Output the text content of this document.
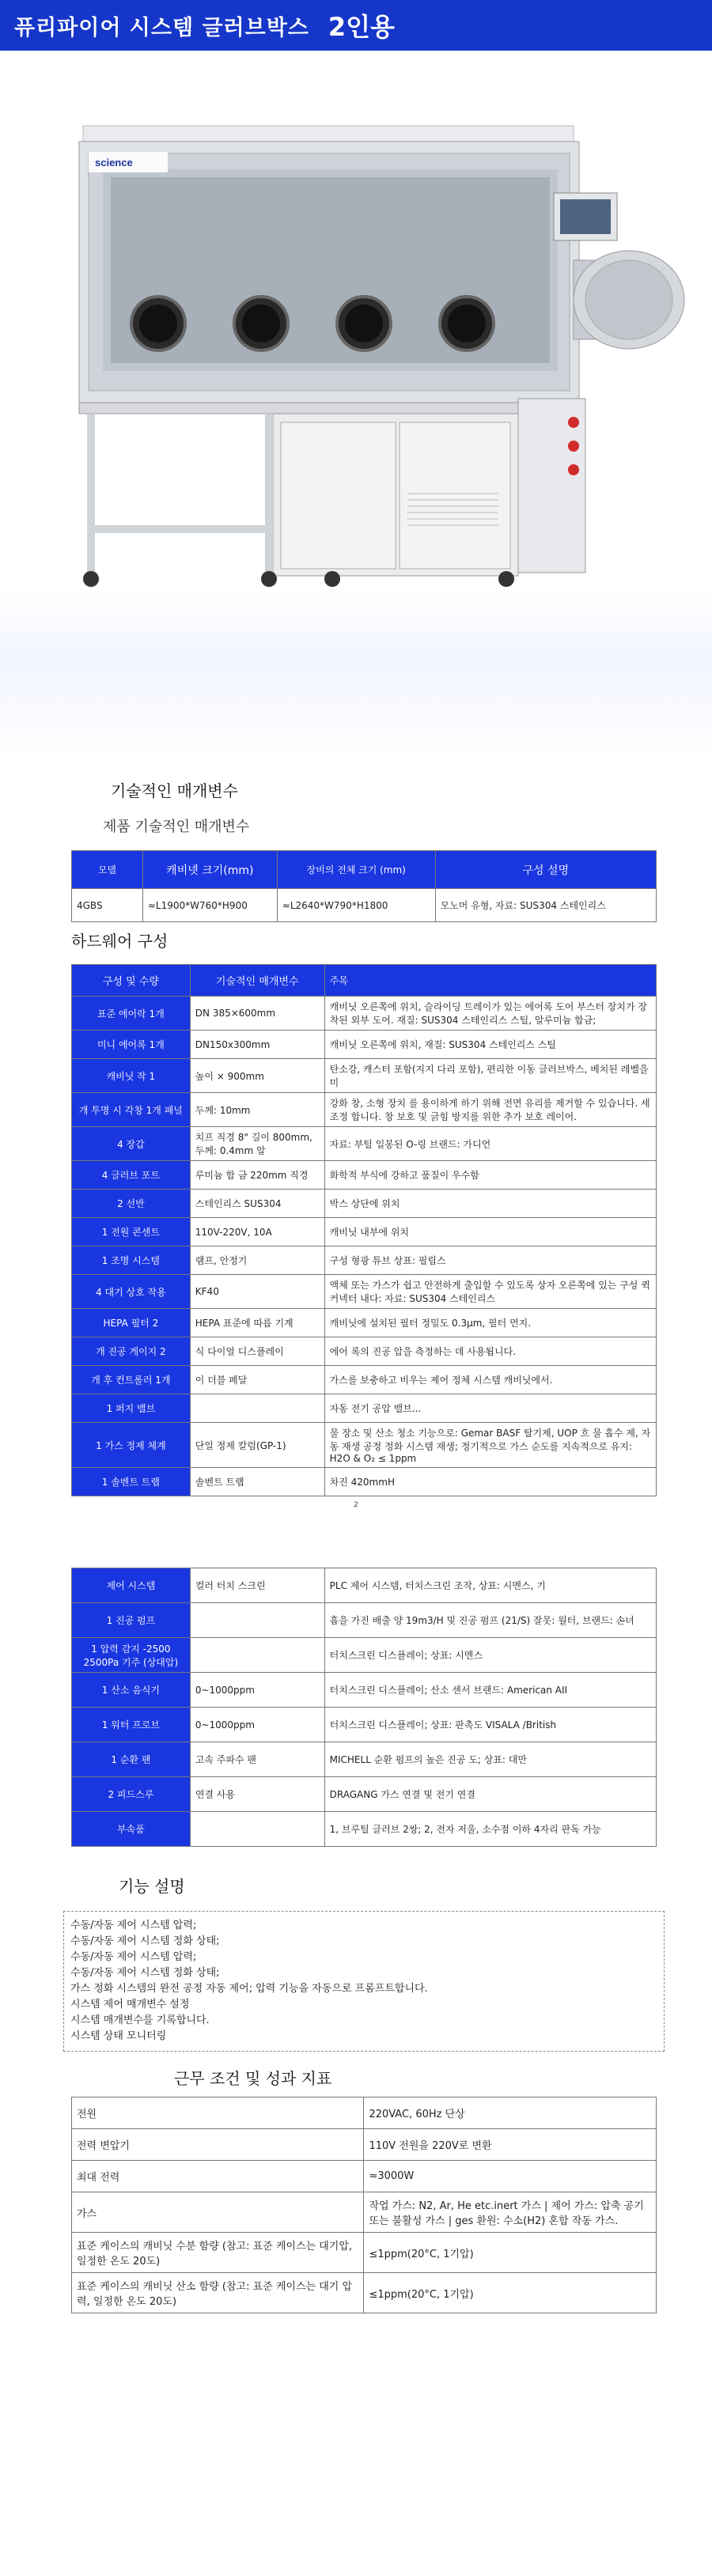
퓨리파이어 시스템 글러브박스 2인용
science
기술적인 매개변수
제품 기술적인 매개변수
모델	캐비넷 크기(mm)	장비의 전체 크기 (mm)	구성 설명
4GBS	≈L1900*W760*H900	≈L2640*W790*H1800	모노머 유형, 자료: SUS304 스테인리스
하드웨어 구성
구성 및 수량	기술적인 매개변수	주목
표준 에어락 1개	DN 385×600mm	캐비닛 오른쪽에 위치, 슬라이딩 트레이가 있는 에어록 도어 부스터 장치가 장착된 외부 도어. 재질: SUS304 스테인리스 스틸, 알루미늄 합금;
미니 에어록 1개	DN150x300mm	캐비닛 오른쪽에 위치, 재질: SUS304 스테인리스 스틸
캐비닛 작 1	높이 × 900mm	탄소강, 캐스터 포함(지지 다리 포함), 편리한 이동 글러브박스, 베치된 레벨을 미
개 투명 시 각창 1개 패널	두께: 10mm	강화 창, 소형 장치 를 용이하게 하기 위해 전면 유리를 제거할 수 있습니다. 세 조정 합니다. 창 보호 및 긁힘 방지를 위한 추가 보호 레이어.
4 장갑	치프 직경 8" 길이 800mm, 두께: 0.4mm 알	자료: 부틸 일봉된 O-링 브랜드: 가디언
4 글러브 포트	루미늄 합 금 220mm 직경	화학적 부식에 강하고 품질이 우수함
2 선반	스테인리스 SUS304	박스 상단에 위치
1 전원 콘센트	110V-220V, 10A	캐비닛 내부에 위치
1 조명 시스템	램프, 안정기	구성 형광 튜브 상표: 필립스
4 대기 상호 작용	KF40	액체 또는 가스가 쉽고 안전하게 출입할 수 있도록 상자 오른쪽에 있는 구성 퀵 커넥터 내다: 자료: SUS304 스테인리스
HEPA 필터 2	HEPA 표준에 따름 기계	캐비닛에 설치된 필터 정밀도 0.3μm, 필터 먼지.
개 진공 게이지 2	식 다이얼 디스플레이	에어 록의 진공 압을 측정하는 데 사용됩니다.
개 후 컨트롤러 1개	이 더블 페달	가스를 보충하고 비우는 제어 정체 시스템 캐비닛에서.
1 퍼지 밸브		자동 전기 공압 밸브...
1 가스 정제 체계	단일 정제 칼럼(GP-1)	물 장소 및 산소 청소 기능으로: Gemar BASF 탈기제, UOP 흐 물 흡수 제, 자동 재생 공정 정화 시스템 재생; 정기적으로 가스 순도를 지속적으로 유지: H2O & O₂ ≤ 1ppm
1 솔벤트 트랩	솔벤트 트랩	차진 420mmH
2
제어 시스템	컬러 터치 스크린	PLC 제어 시스템, 터치스크린 조작, 상표: 시멘스, 기
1 진공 펌프		흡을 가진 배출 양 19m3/H 및 진공 펌프 (21/S) 잘못: 월터, 브랜드: 손녀
1 압력 감지 -2500 2500Pa 기주 (상대압)		터치스크린 디스플레이; 상표: 시멘스
1 산소 음식기	0~1000ppm	터치스크린 디스플레이; 산소 센서 브랜드: American AII
1 워터 프로브	0~1000ppm	터치스크린 디스플레이; 상표: 판촉도 VISALA /British
1 순환 팬	고속 주파수 팬	MICHELL 순환 펌프의 높은 진공 도; 상표: 대만
2 피드스루	연결 사용	DRAGANG 가스 연결 및 전기 연결
부속품		1, 브루틸 글러브 2쌍; 2, 전자 저울, 소수점 이하 4자리 판독 가능
기능 설명
수동/자동 제어 시스템 압력;
수동/자동 제어 시스템 정화 상태;
수동/자동 제어 시스템 압력;
수동/자동 제어 시스템 정화 상태;
가스 정화 시스템의 완전 공정 자동 제어; 압력 기능을 자동으로 프롬프트합니다.
시스템 제어 매개변수 설정
시스템 매개변수를 기록합니다.
시스템 상태 모니터링
근무 조건 및 성과 지표
전원	220VAC, 60Hz 단상
전력 변압기	110V 전원을 220V로 변환
최대 전력	≈3000W
가스	작업 가스: N2, Ar, He etc.inert 가스 | 제어 가스: 압축 공기 또는 불활성 가스 | ges 환원: 수소(H2) 혼합 작동 가스.
표준 케이스의 캐비닛 수분 함량 (참고: 표준 케이스는 대기압, 일정한 온도 20도)	≤1ppm(20°C, 1기압)
표준 케이스의 캐비닛 산소 함량 (참고: 표준 케이스는 대기 압력, 일정한 온도 20도)	≤1ppm(20°C, 1기압)
